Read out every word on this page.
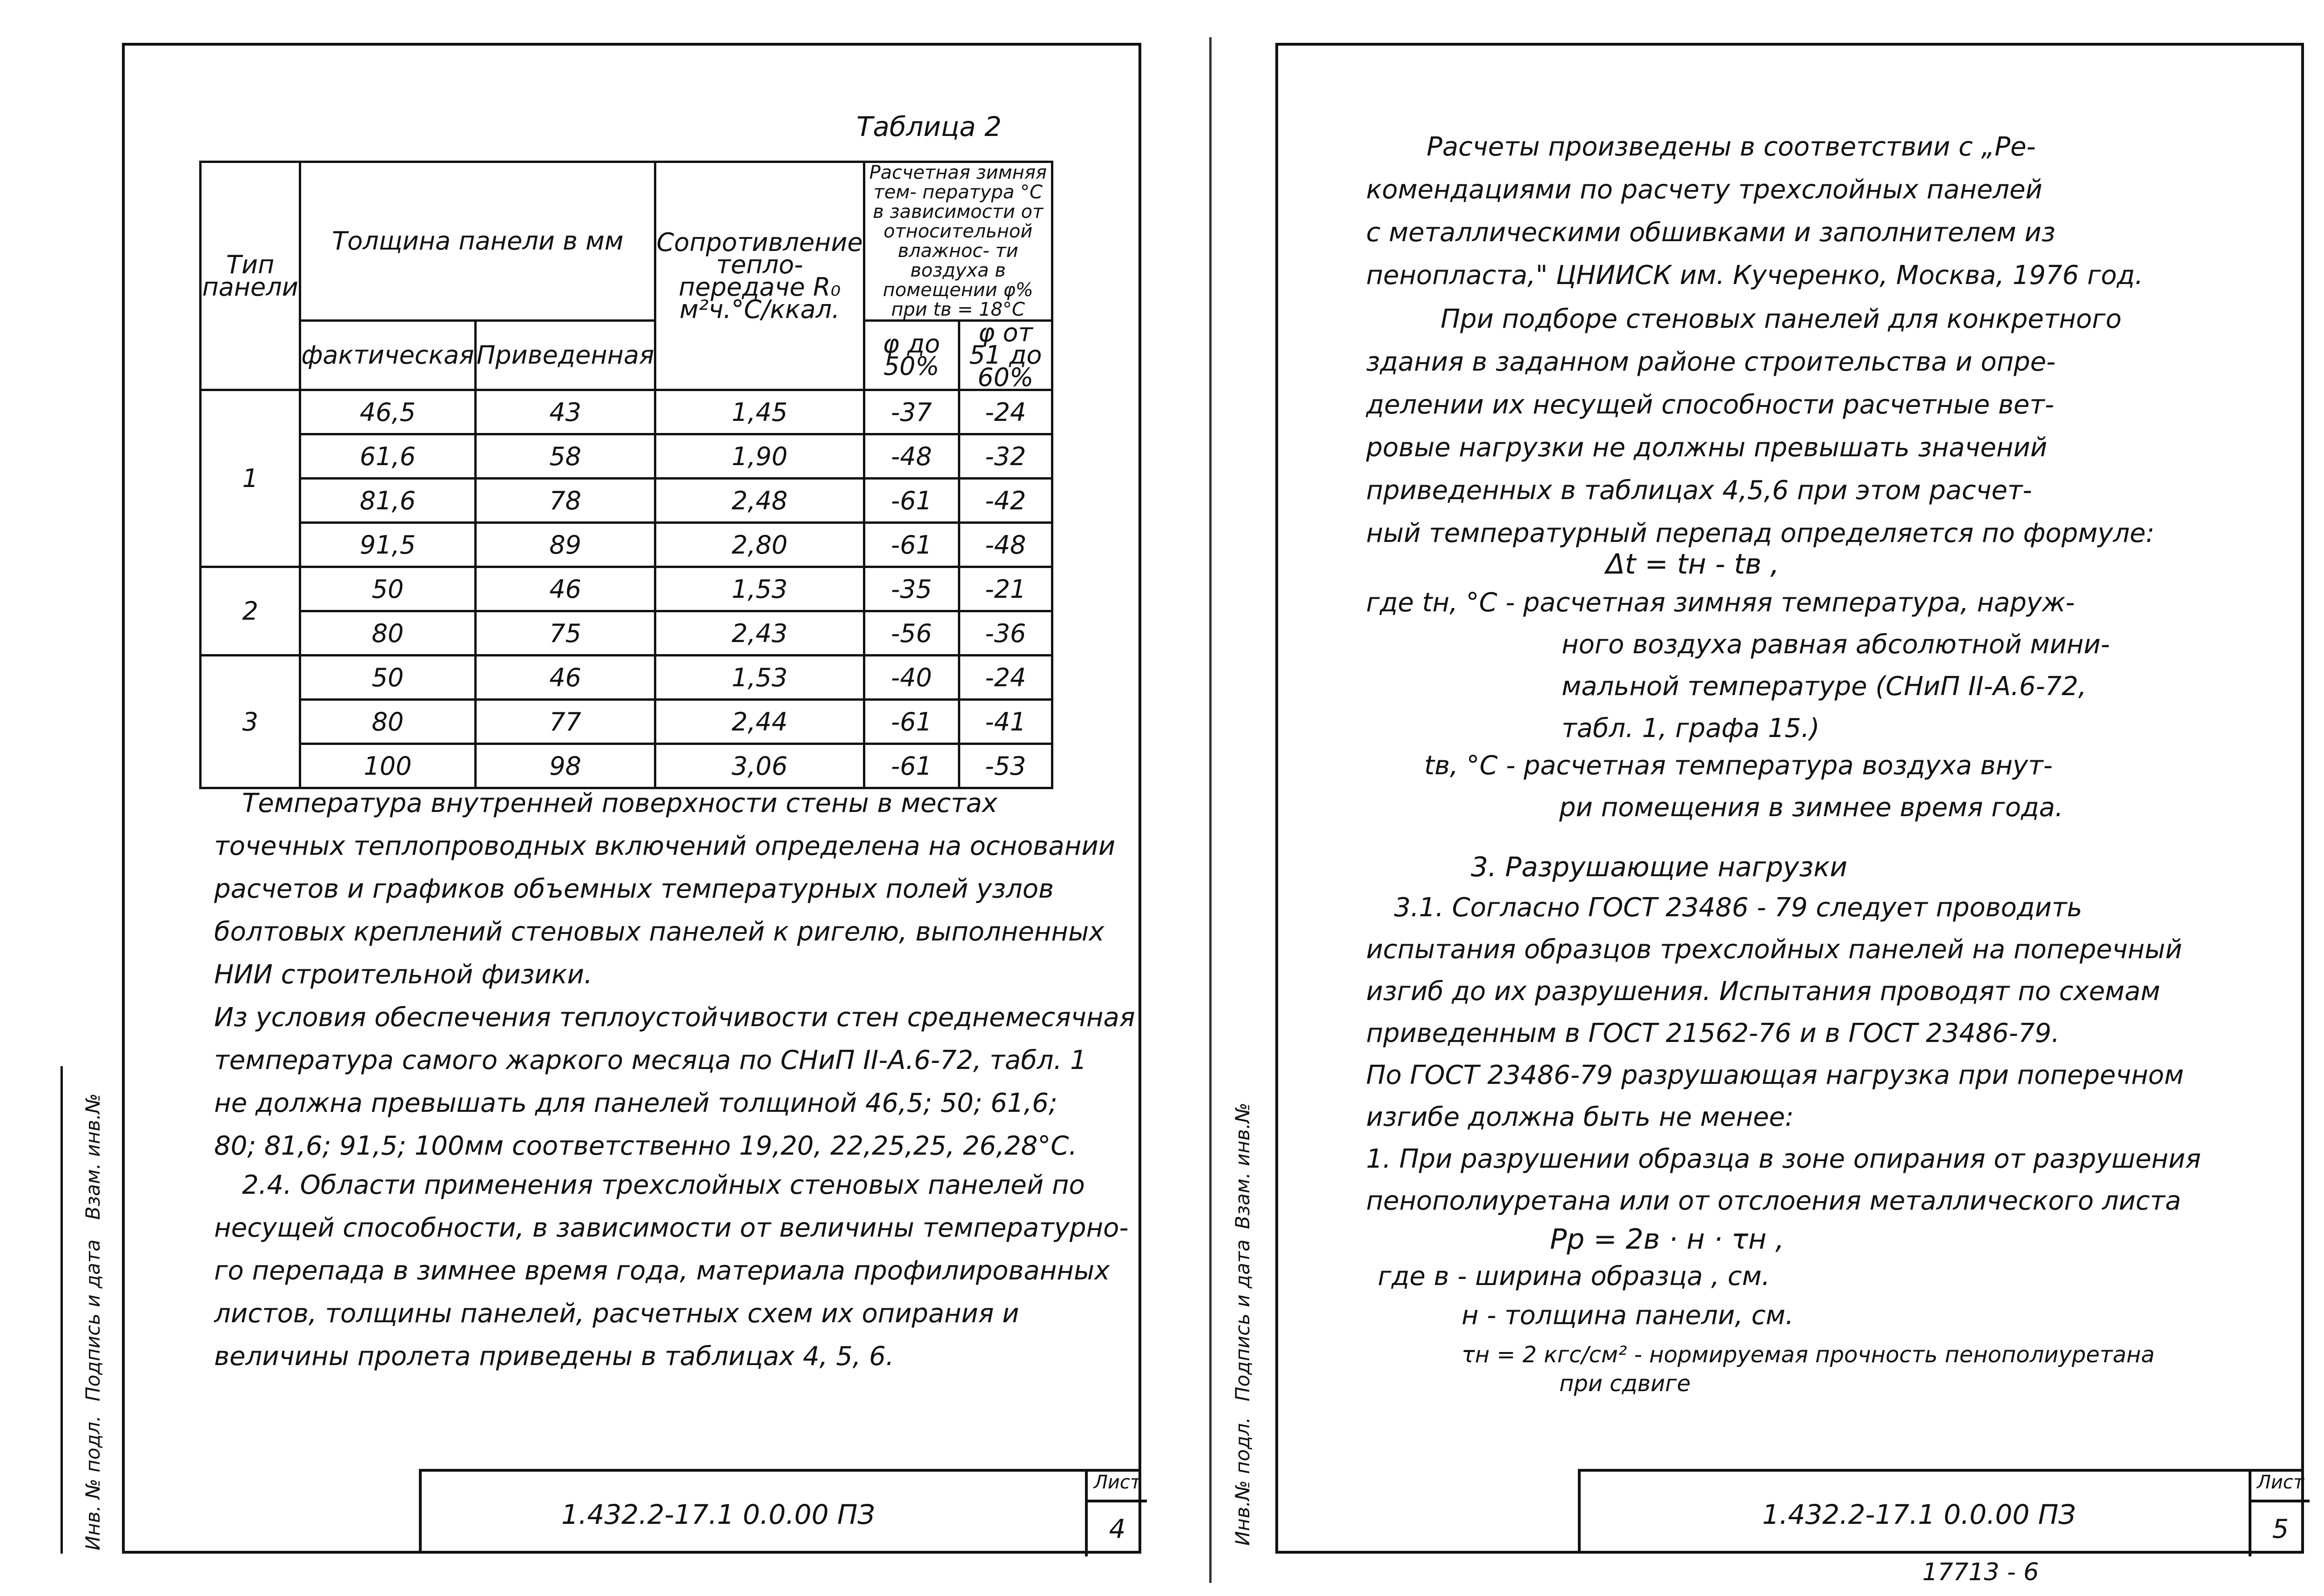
Таблица 2
Тип панели	Толщина панели в мм		Сопротивление тепло- передаче R₀ м²ч.°С/ккал.	Расчетная зимняя тем- пература °С в зависимости от относительной влажнос- ти воздуха в помещении φ% при tв = 18°С	
	фактическая	Приведенная		φ до 50%	φ от 51 до 60%
1	46,5	43	1,45	-37	-24
	61,6	58	1,90	-48	-32
	81,6	78	2,48	-61	-42
	91,5	89	2,80	-61	-48
2	50	46	1,53	-35	-21
	80	75	2,43	-56	-36
3	50	46	1,53	-40	-24
	80	77	2,44	-61	-41
	100	98	3,06	-61	-53
Температура внутренней поверхности стены в местах
точечных теплопроводных включений определена на основании
расчетов и графиков объемных температурных полей узлов
болтовых креплений стеновых панелей к ригелю, выполненных
НИИ строительной физики.
Из условия обеспечения теплоустойчивости стен среднемесячная
температура самого жаркого месяца по СНиП II-А.6-72, табл. 1
не должна превышать для панелей толщиной 46,5; 50; 61,6;
80; 81,6; 91,5; 100мм соответственно 19,20, 22,25,25, 26,28°С.
2.4. Области применения трехслойных стеновых панелей по
несущей способности, в зависимости от величины температурно-
го перепада в зимнее время года, материала профилированных
листов, толщины панелей, расчетных схем их опирания и
величины пролета приведены в таблицах 4, 5, 6.
1.432.2-17.1 0.0.00 ПЗ
Лист
4
Взам. инв.№
Подпись и дата
Инв. № подл.
Расчеты произведены в соответствии с „Ре-
комендациями по расчету трехслойных панелей
с металлическими обшивками и заполнителем из
пенопласта," ЦНИИСК им. Кучеренко, Москва, 1976 год.
При подборе стеновых панелей для конкретного
здания в заданном районе строительства и опре-
делении их несущей способности расчетные вет-
ровые нагрузки не должны превышать значений
приведенных в таблицах 4,5,6 при этом расчет-
ный температурный перепад определяется по формуле:
Δt = tн - tв ,
где tн, °С - расчетная зимняя температура, наруж-
ного воздуха равная абсолютной мини-
мальной температуре (СНиП II-А.6-72,
табл. 1, графа 15.)
tв, °С - расчетная температура воздуха внут-
ри помещения в зимнее время года.
3. Разрушающие нагрузки
3.1. Согласно ГОСТ 23486 - 79 следует проводить
испытания образцов трехслойных панелей на поперечный
изгиб до их разрушения. Испытания проводят по схемам
приведенным в ГОСТ 21562-76 и в ГОСТ 23486-79.
По ГОСТ 23486-79 разрушающая нагрузка при поперечном
изгибе должна быть не менее:
1. При разрушении образца в зоне опирания от разрушения
пенополиуретана или от отслоения металлического листа
Pp = 2в · н · τн ,
где в - ширина образца , см.
н - толщина панели, см.
τн = 2 кгс/см² - нормируемая прочность пенополиуретана
при сдвиге
Взам. инв.№
Подпись и дата
Инв.№ подл.	1.432.2-17.1 0.0.00 ПЗ
Лист
5
17713 - 6
